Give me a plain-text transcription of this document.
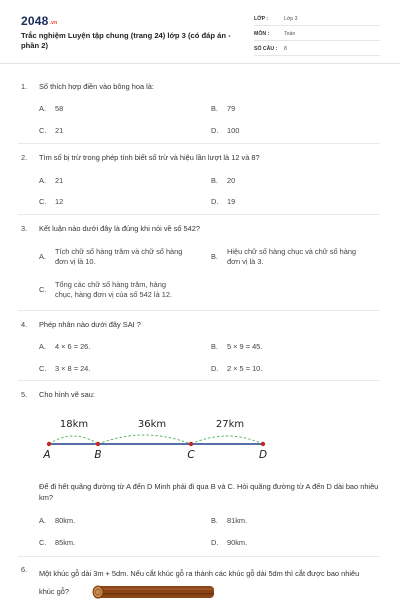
2048.vn
Trắc nghiệm Luyện tập chung (trang 24) lớp 3 (có đáp án - phần 2)
LỚP :	Lớp 3
MÔN :	Toán
SỐ CÂU : 8
1. Số thích hợp điền vào bông hoa là:
A. 58	B. 79
C. 21	D. 100
2. Tìm số bị trừ trong phép tính biết số trừ và hiệu lần lượt là 12 và 8?
A. 21	B. 20
C. 12	D. 19
3. Kết luận nào dưới đây là đúng khi nói về số 542?
A.
Tích chữ số hàng trăm và chữ số hàng đơn vị là 10.
B.
Hiệu chữ số hàng chục và chữ số hàng đơn vị là 3.
C.
Tổng các chữ số hàng trăm, hàng chục, hàng đơn vị của số 542 là 12.
4. Phép nhân nào dưới đây SAI ?
A. 4 × 6 = 26.	B. 5 × 9 = 45.
C. 3 × 8 = 24.	D. 2 × 5 = 10.
5. Cho hình vẽ sau:
18km	36km	27km
A	B	C	D
Để đi hết quãng đường từ A đến D Minh phải đi qua B và C. Hỏi quãng đường từ A đến D dài bao nhiêu km?
A. 80km.	B. 81km.
C. 85km.	D. 90km.
6. Một khúc gỗ dài 3m + 5dm. Nếu cắt khúc gỗ ra thành các khúc gỗ dài 5dm thì cắt được bao nhiêu khúc gỗ?
